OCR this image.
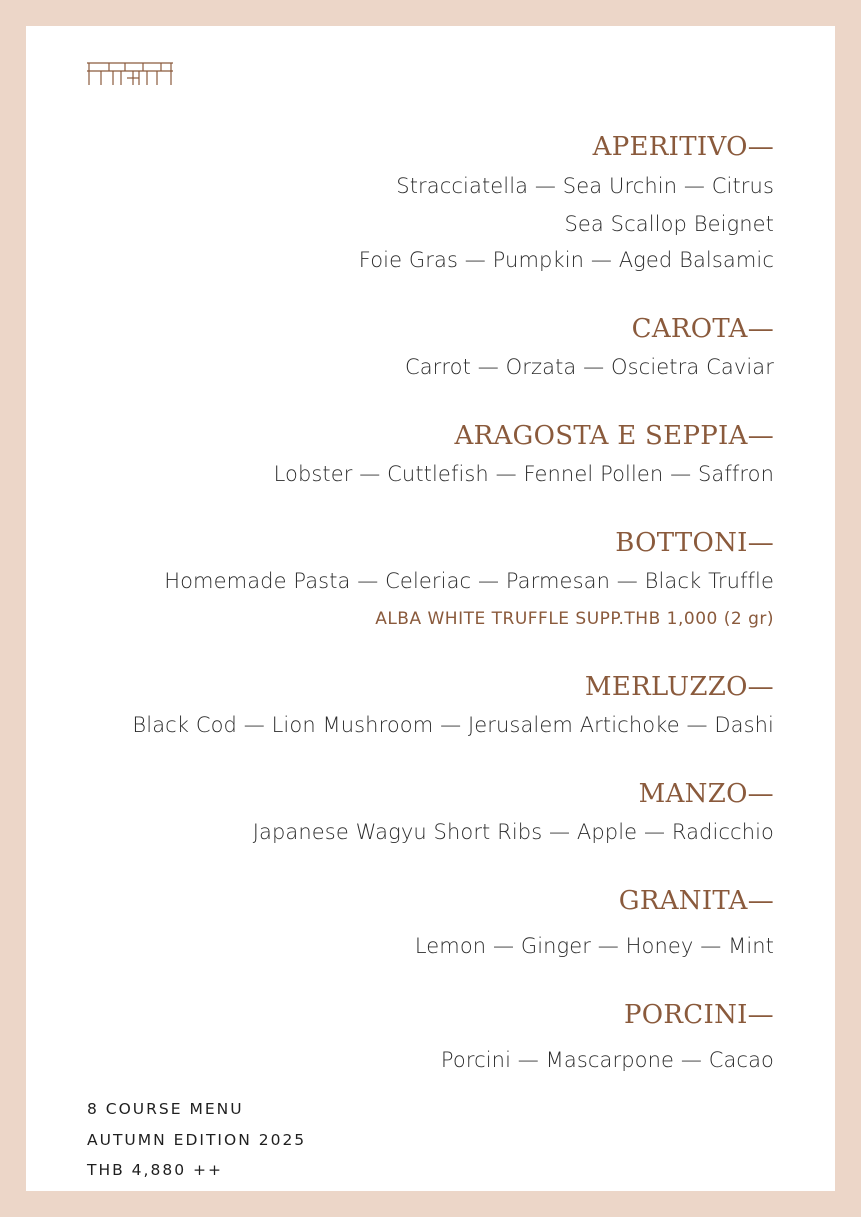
APERITIVO—

Stracciatella — Sea Urchin — Citrus

Sea Scallop Beignet

Foie Gras — Pumpkin — Aged Balsamic

CAROTA—

Carrot — Orzata — Oscietra Caviar

ARAGOSTA E SEPPIA—

Lobster — Cuttlefish — Fennel Pollen — Saffron

BOTTONI—

Homemade Pasta — Celeriac — Parmesan — Black Truffle

ALBA WHITE TRUFFLE SUPP.THB 1,000 (2 gr)

MERLUZZO—

Black Cod — Lion Mushroom — Jerusalem Artichoke — Dashi

MANZO—

Japanese Wagyu Short Ribs — Apple — Radicchio

GRANITA—

Lemon — Ginger — Honey — Mint

PORCINI—

Porcini — Mascarpone — Cacao

8 COURSE MENU
AUTUMN EDITION 2025
THB 4,880 ++
